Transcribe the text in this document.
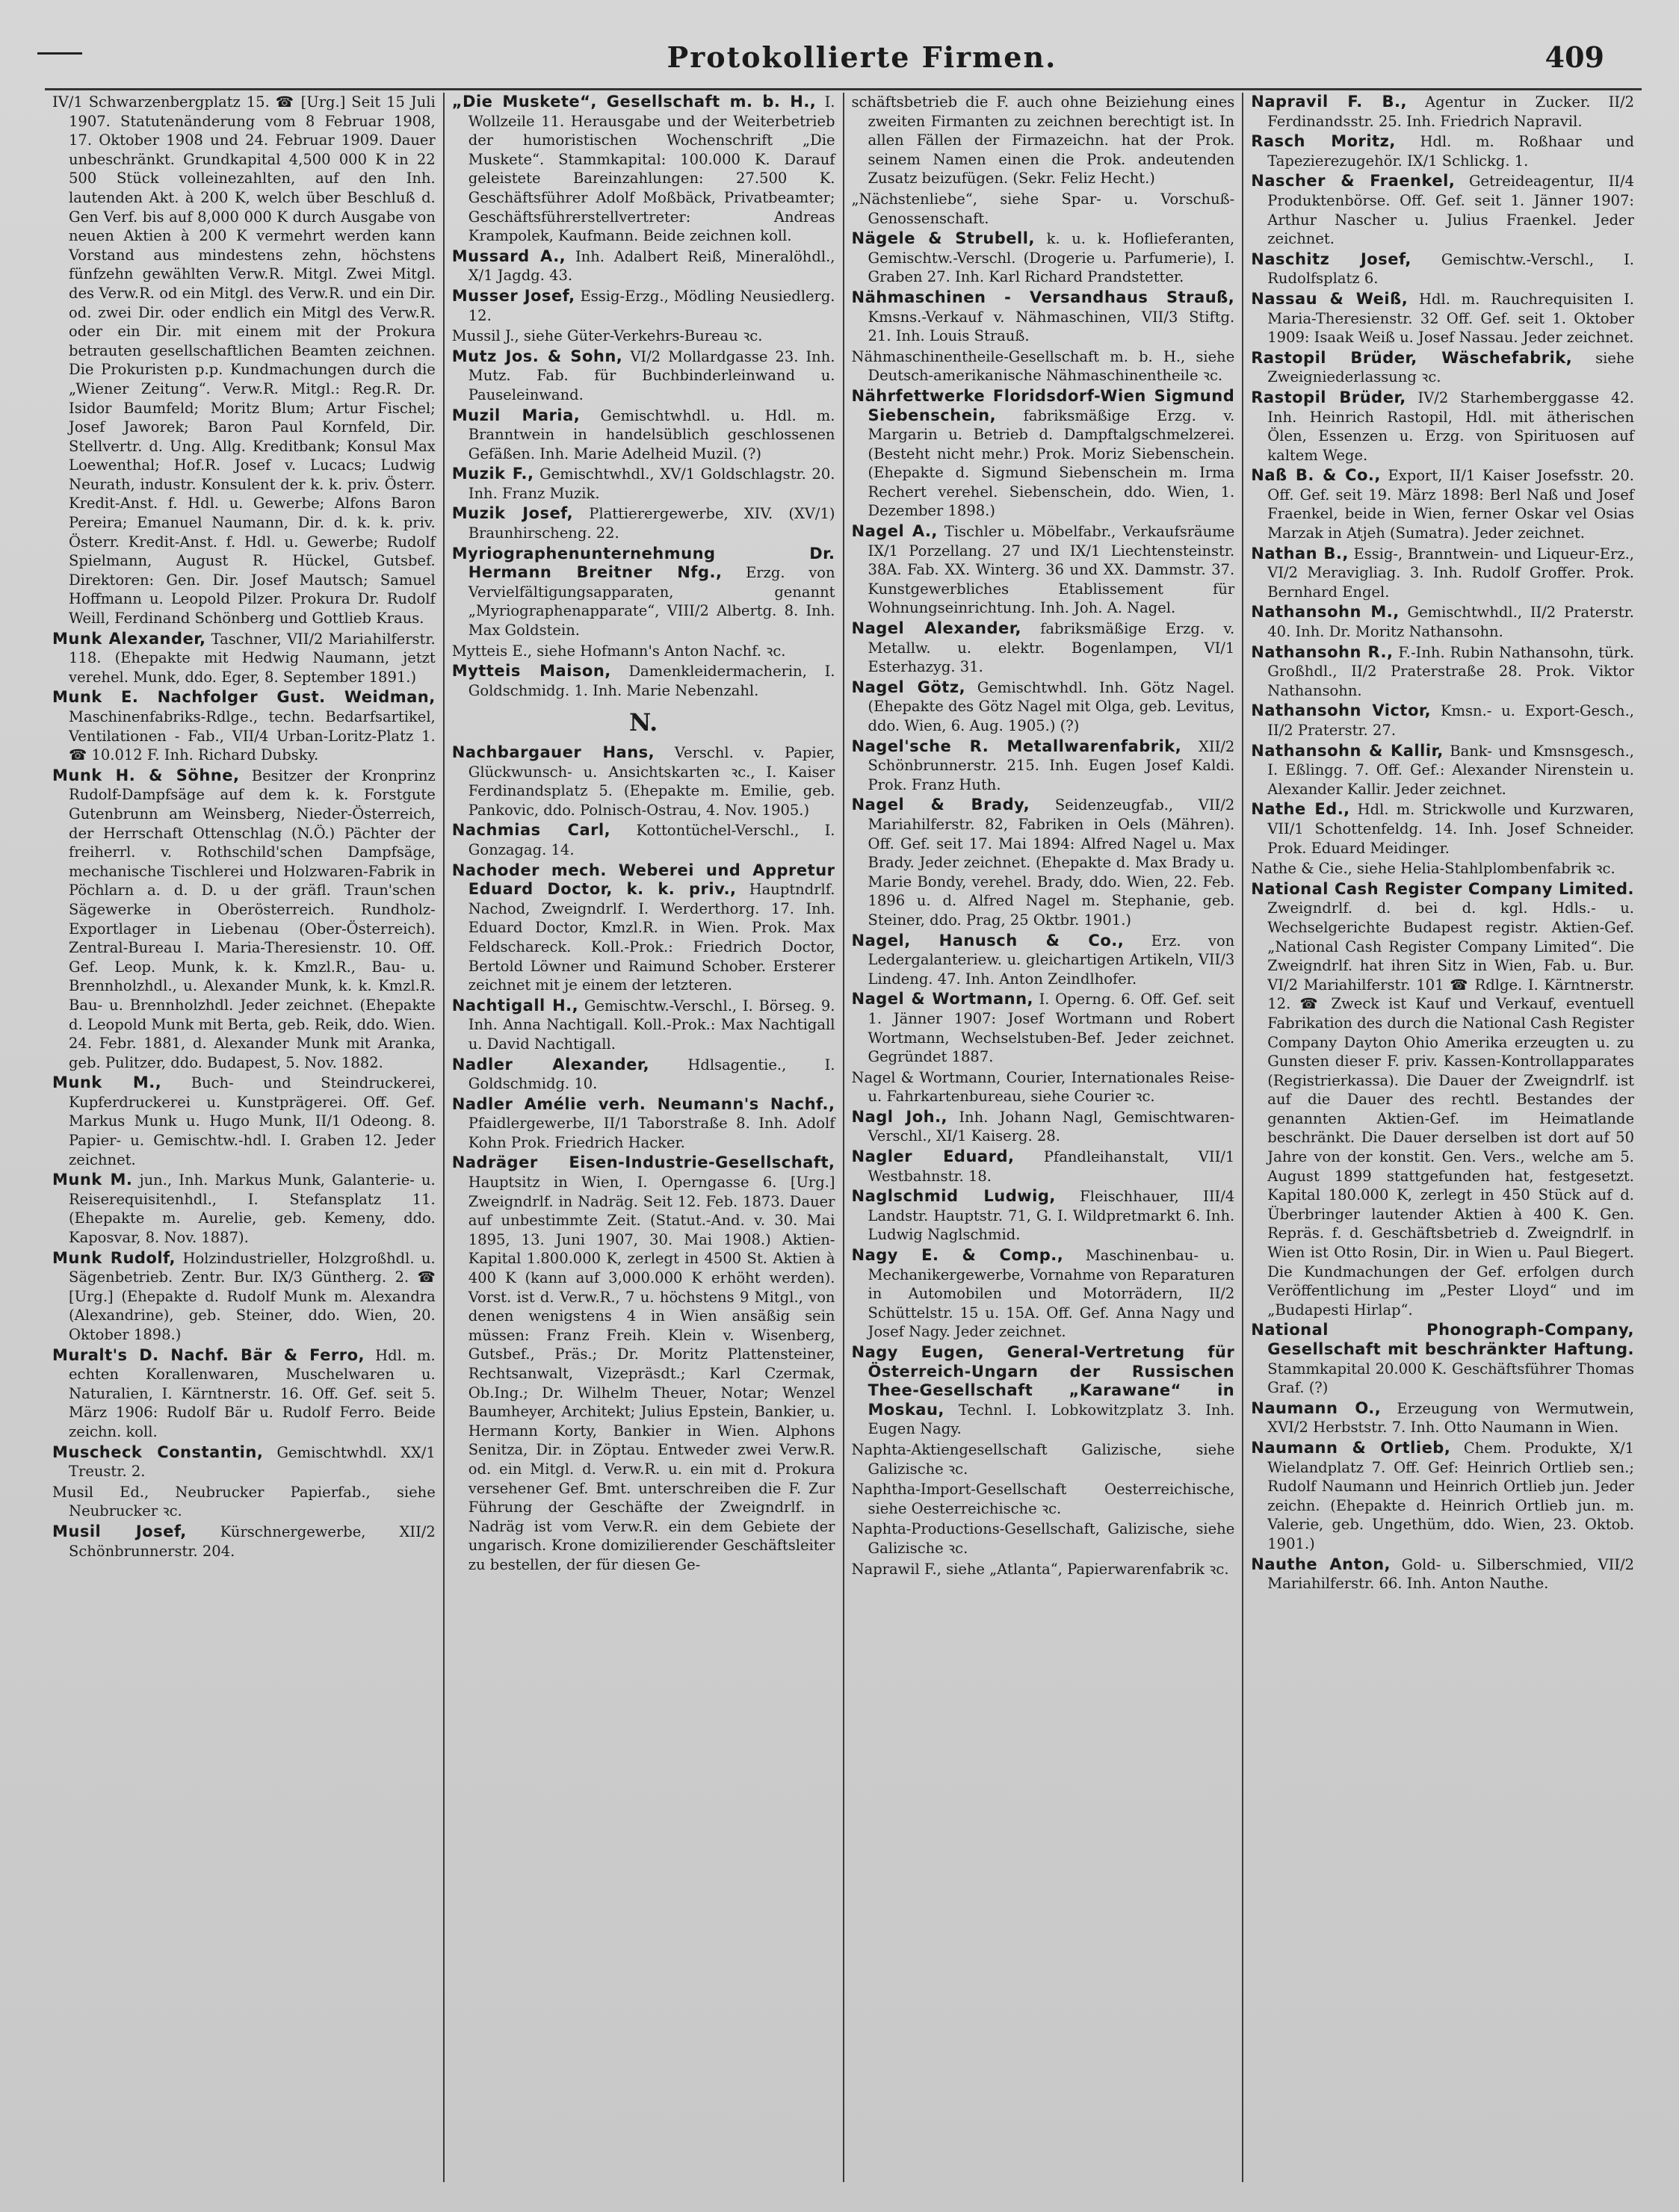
Protokollierte Firmen.	409
IV/1 Schwarzenbergplatz 15. ☎ [Urg.] Seit 15 Juli 1907. Statutenänderung vom 8 Februar 1908, 17. Oktober 1908 und 24. Februar 1909. Dauer unbeschränkt. Grundkapital 4,500 000 K in 22 500 Stück volleinezahlten, auf den Inh. lautenden Akt. à 200 K, welch über Beschluß d. Gen Verf. bis auf 8,000 000 K durch Ausgabe von neuen Aktien à 200 K vermehrt werden kann Vorstand aus mindestens zehn, höchstens fünfzehn gewählten Verw.R. Mitgl. Zwei Mitgl. des Verw.R. od ein Mitgl. des Verw.R. und ein Dir. od. zwei Dir. oder endlich ein Mitgl des Verw.R. oder ein Dir. mit einem mit der Prokura betrauten gesellschaftlichen Beamten zeichnen. Die Prokuristen p.p. Kundmachungen durch die „Wiener Zeitung“. Verw.R. Mitgl.: Reg.R. Dr. Isidor Baumfeld; Moritz Blum; Artur Fischel; Josef Jaworek; Baron Paul Kornfeld, Dir. Stellvertr. d. Ung. Allg. Kreditbank; Konsul Max Loewenthal; Hof.R. Josef v. Lucacs; Ludwig Neurath, industr. Konsulent der k. k. priv. Österr. Kredit-Anst. f. Hdl. u. Gewerbe; Alfons Baron Pereira; Emanuel Naumann, Dir. d. k. k. priv. Österr. Kredit-Anst. f. Hdl. u. Gewerbe; Rudolf Spielmann, August R. Hückel, Gutsbef. Direktoren: Gen. Dir. Josef Mautsch; Samuel Hoffmann u. Leopold Pilzer. Prokura Dr. Rudolf Weill, Ferdinand Schönberg und Gottlieb Kraus.
Munk Alexander, Taschner, VII/2 Mariahilferstr. 118. (Ehepakte mit Hedwig Naumann, jetzt verehel. Munk, ddo. Eger, 8. September 1891.)
Munk E. Nachfolger Gust. Weidman, Maschinenfabriks-Rdlge., techn. Bedarfsartikel, Ventilationen - Fab., VII/4 Urban-Loritz-Platz 1. ☎ 10.012 F. Inh. Richard Dubsky.
Munk H. & Söhne, Besitzer der Kronprinz Rudolf-Dampfsäge auf dem k. k. Forstgute Gutenbrunn am Weinsberg, Nieder-Österreich, der Herrschaft Ottenschlag (N.Ö.) Pächter der freiherrl. v. Rothschild'schen Dampfsäge, mechanische Tischlerei und Holzwaren-Fabrik in Pöchlarn a. d. D. u der gräfl. Traun'schen Sägewerke in Oberösterreich. Rundholz-Exportlager in Liebenau (Ober-Österreich). Zentral-Bureau I. Maria-Theresienstr. 10. Off. Gef. Leop. Munk, k. k. Kmzl.R., Bau- u. Brennholzhdl., u. Alexander Munk, k. k. Kmzl.R. Bau- u. Brennholzhdl. Jeder zeichnet. (Ehepakte d. Leopold Munk mit Berta, geb. Reik, ddo. Wien. 24. Febr. 1881, d. Alexander Munk mit Aranka, geb. Pulitzer, ddo. Budapest, 5. Nov. 1882.
Munk M., Buch- und Steindruckerei, Kupferdruckerei u. Kunstprägerei. Off. Gef. Markus Munk u. Hugo Munk, II/1 Odeong. 8. Papier- u. Gemischtw.-hdl. I. Graben 12. Jeder zeichnet.
Munk M. jun., Inh. Markus Munk, Galanterie- u. Reiserequisitenhdl., I. Stefansplatz 11. (Ehepakte m. Aurelie, geb. Kemeny, ddo. Kaposvar, 8. Nov. 1887).
Munk Rudolf, Holzindustrieller, Holzgroßhdl. u. Sägenbetrieb. Zentr. Bur. IX/3 Güntherg. 2. ☎ [Urg.] (Ehepakte d. Rudolf Munk m. Alexandra (Alexandrine), geb. Steiner, ddo. Wien, 20. Oktober 1898.)
Muralt's D. Nachf. Bär & Ferro, Hdl. m. echten Korallenwaren, Muschelwaren u. Naturalien, I. Kärntnerstr. 16. Off. Gef. seit 5. März 1906: Rudolf Bär u. Rudolf Ferro. Beide zeichn. koll.
Muscheck Constantin, Gemischtwhdl. XX/1 Treustr. 2.
Musil Ed., Neubrucker Papierfab., siehe Neubrucker ꝛc.
Musil Josef, Kürschnergewerbe, XII/2 Schönbrunnerstr. 204.
„Die Muskete“, Gesellschaft m. b. H., I. Wollzeile 11. Herausgabe und der Weiterbetrieb der humoristischen Wochenschrift „Die Muskete“. Stammkapital: 100.000 K. Darauf geleistete Bareinzahlungen: 27.500 K. Geschäftsführer Adolf Moßbäck, Privatbeamter; Geschäftsführerstellvertreter: Andreas Krampolek, Kaufmann. Beide zeichnen koll.
Mussard A., Inh. Adalbert Reiß, Mineralöhdl., X/1 Jagdg. 43.
Musser Josef, Essig-Erzg., Mödling Neusiedlerg. 12.
Mussil J., siehe Güter-Verkehrs-Bureau ꝛc.
Mutz Jos. & Sohn, VI/2 Mollardgasse 23. Inh. Mutz. Fab. für Buchbinderleinwand u. Pauseleinwand.
Muzil Maria, Gemischtwhdl. u. Hdl. m. Branntwein in handelsüblich geschlossenen Gefäßen. Inh. Marie Adelheid Muzil. (?)
Muzik F., Gemischtwhdl., XV/1 Goldschlagstr. 20. Inh. Franz Muzik.
Muzik Josef, Plattierergewerbe, XIV. (XV/1) Braunhirscheng. 22.
Myriographenunternehmung Dr. Hermann Breitner Nfg., Erzg. von Vervielfältigungsapparaten, genannt „Myriographenapparate“, VIII/2 Albertg. 8. Inh. Max Goldstein.
Mytteis E., siehe Hofmann's Anton Nachf. ꝛc.
Mytteis Maison, Damenkleidermacherin, I. Goldschmidg. 1. Inh. Marie Nebenzahl.
N.
Nachbargauer Hans, Verschl. v. Papier, Glückwunsch- u. Ansichtskarten ꝛc., I. Kaiser Ferdinandsplatz 5. (Ehepakte m. Emilie, geb. Pankovic, ddo. Polnisch-Ostrau, 4. Nov. 1905.)
Nachmias Carl, Kottontüchel-Verschl., I. Gonzagag. 14.
Nachoder mech. Weberei und Appretur Eduard Doctor, k. k. priv., Hauptndrlf. Nachod, Zweigndrlf. I. Werderthorg. 17. Inh. Eduard Doctor, Kmzl.R. in Wien. Prok. Max Feldschareck. Koll.-Prok.: Friedrich Doctor, Bertold Löwner und Raimund Schober. Ersterer zeichnet mit je einem der letzteren.
Nachtigall H., Gemischtw.-Verschl., I. Börseg. 9. Inh. Anna Nachtigall. Koll.-Prok.: Max Nachtigall u. David Nachtigall.
Nadler Alexander,	Hdlsagentie., I. Goldschmidg. 10.
Nadler Amélie verh. Neumann's Nachf., Pfaidlergewerbe, II/1 Taborstraße 8. Inh. Adolf Kohn Prok. Friedrich Hacker.
Nadräger Eisen-Industrie-Gesellschaft, Hauptsitz in Wien, I. Operngasse 6. [Urg.] Zweigndrlf. in Nadräg. Seit 12. Feb. 1873. Dauer auf unbestimmte Zeit. (Statut.-And. v. 30. Mai 1895, 13. Juni 1907, 30. Mai 1908.) Aktien-Kapital 1.800.000 K, zerlegt in 4500 St. Aktien à 400 K (kann auf 3,000.000 K erhöht werden). Vorst. ist d. Verw.R., 7 u. höchstens 9 Mitgl., von denen wenigstens 4 in Wien ansäßig sein müssen: Franz Freih. Klein v. Wisenberg, Gutsbef., Präs.; Dr. Moritz Plattensteiner, Rechtsanwalt, Vizepräsdt.; Karl Czermak, Ob.Ing.; Dr. Wilhelm Theuer, Notar; Wenzel Baumheyer, Architekt; Julius Epstein, Bankier, u. Hermann Korty, Bankier in Wien. Alphons Senitza, Dir. in Zöptau. Entweder zwei Verw.R. od. ein Mitgl. d. Verw.R. u. ein mit d. Prokura versehener Gef. Bmt. unterschreiben die F. Zur Führung der Geschäfte der Zweigndrlf. in Nadräg ist vom Verw.R. ein dem Gebiete der ungarisch. Krone domizilierender Geschäftsleiter zu bestellen, der für diesen Ge-
schäftsbetrieb die F. auch ohne Beiziehung eines zweiten Firmanten zu zeichnen berechtigt ist. In allen Fällen der Firmazeichn. hat der Prok. seinem Namen einen die Prok. andeutenden Zusatz beizufügen. (Sekr. Feliz Hecht.)
„Nächstenliebe“, siehe Spar- u. Vorschuß-Genossenschaft.
Nägele & Strubell, k. u. k. Hoflieferanten, Gemischtw.-Verschl. (Drogerie u. Parfumerie), I. Graben 27. Inh. Karl Richard Prandstetter.
Nähmaschinen - Versandhaus Strauß, Kmsns.-Verkauf v. Nähmaschinen, VII/3 Stiftg. 21. Inh. Louis Strauß.
Nähmaschinentheile-Gesellschaft m. b. H., siehe Deutsch-amerikanische Nähmaschinentheile ꝛc.
Nährfettwerke Floridsdorf-Wien Sigmund Siebenschein, fabriksmäßige Erzg. v. Margarin u. Betrieb d. Dampftalgschmelzerei. (Besteht nicht mehr.) Prok. Moriz Siebenschein. (Ehepakte d. Sigmund Siebenschein m. Irma Rechert verehel. Siebenschein, ddo. Wien, 1. Dezember 1898.)
Nagel A., Tischler u. Möbelfabr., Verkaufsräume IX/1 Porzellang. 27 und IX/1 Liechtensteinstr. 38A. Fab. XX. Winterg. 36 und XX. Dammstr. 37. Kunstgewerbliches Etablissement für Wohnungseinrichtung. Inh. Joh. A. Nagel.
Nagel Alexander, fabriksmäßige Erzg. v. Metallw. u. elektr. Bogenlampen, VI/1 Esterhazyg. 31.
Nagel Götz, Gemischtwhdl. Inh. Götz Nagel. (Ehepakte des Götz Nagel mit Olga, geb. Levitus, ddo. Wien, 6. Aug. 1905.) (?)
Nagel'sche R. Metallwarenfabrik, XII/2 Schönbrunnerstr. 215. Inh. Eugen Josef Kaldi. Prok. Franz Huth.
Nagel & Brady, Seidenzeugfab., VII/2 Mariahilferstr. 82, Fabriken in Oels (Mähren). Off. Gef. seit 17. Mai 1894: Alfred Nagel u. Max Brady. Jeder zeichnet. (Ehepakte d. Max Brady u. Marie Bondy, verehel. Brady, ddo. Wien, 22. Feb. 1896 u. d. Alfred Nagel m. Stephanie, geb. Steiner, ddo. Prag, 25 Oktbr. 1901.)
Nagel, Hanusch & Co., Erz. von Ledergalanteriew. u. gleichartigen Artikeln, VII/3 Lindeng. 47. Inh. Anton Zeindlhofer.
Nagel & Wortmann, I. Operng. 6. Off. Gef. seit 1. Jänner 1907: Josef Wortmann und Robert Wortmann, Wechselstuben-Bef. Jeder zeichnet. Gegründet 1887.
Nagel & Wortmann, Courier, Internationales Reise- u. Fahrkartenbureau, siehe Courier ꝛc.
Nagl Joh., Inh. Johann Nagl, Gemischtwaren-Verschl., XI/1 Kaiserg. 28.
Nagler Eduard, Pfandleihanstalt, VII/1 Westbahnstr. 18.
Naglschmid Ludwig, Fleischhauer, III/4 Landstr. Hauptstr. 71, G. I. Wildpretmarkt 6. Inh. Ludwig Naglschmid.
Nagy E. & Comp., Maschinenbau- u. Mechanikergewerbe, Vornahme von Reparaturen in Automobilen und Motorrädern, II/2 Schüttelstr. 15 u. 15A. Off. Gef. Anna Nagy und Josef Nagy. Jeder zeichnet.
Nagy Eugen, General-Vertretung für Österreich-Ungarn der Russischen Thee-Gesellschaft „Karawane“ in Moskau, Technl. I. Lobkowitzplatz 3. Inh. Eugen Nagy.
Naphta-Aktiengesellschaft Galizische, siehe Galizische ꝛc.
Naphtha-Import-Gesellschaft Oesterreichische, siehe Oesterreichische ꝛc.
Naphta-Productions-Gesellschaft, Galizische, siehe Galizische ꝛc.
Naprawil F., siehe „Atlanta“, Papierwarenfabrik ꝛc.
Napravil F. B., Agentur in Zucker. II/2 Ferdinandsstr. 25. Inh. Friedrich Napravil.
Rasch Moritz, Hdl. m. Roßhaar und Tapezierezugehör. IX/1 Schlickg. 1.
Nascher & Fraenkel, Getreideagentur, II/4 Produktenbörse. Off. Gef. seit 1. Jänner 1907: Arthur Nascher u. Julius Fraenkel. Jeder zeichnet.
Naschitz Josef, Gemischtw.-Verschl., I. Rudolfsplatz 6.
Nassau & Weiß, Hdl. m. Rauchrequisiten I. Maria-Theresienstr. 32 Off. Gef. seit 1. Oktober 1909: Isaak Weiß u. Josef Nassau. Jeder zeichnet.
Rastopil Brüder, Wäschefabrik, siehe Zweigniederlassung ꝛc.
Rastopil Brüder, IV/2 Starhemberggasse 42. Inh. Heinrich Rastopil, Hdl. mit ätherischen Ölen, Essenzen u. Erzg. von Spirituosen auf kaltem Wege.
Naß B. & Co., Export, II/1 Kaiser Josefsstr. 20. Off. Gef. seit 19. März 1898: Berl Naß und Josef Fraenkel, beide in Wien, ferner Oskar vel Osias Marzak in Atjeh (Sumatra). Jeder zeichnet.
Nathan B., Essig-, Branntwein- und Liqueur-Erz., VI/2 Meravigliag. 3. Inh. Rudolf Groffer. Prok. Bernhard Engel.
Nathansohn M., Gemischtwhdl., II/2 Praterstr. 40. Inh. Dr. Moritz Nathansohn.
Nathansohn R., F.-Inh. Rubin Nathansohn, türk. Großhdl., II/2 Praterstraße 28. Prok. Viktor Nathansohn.
Nathansohn Victor, Kmsn.- u. Export-Gesch., II/2 Praterstr. 27.
Nathansohn & Kallir, Bank- und Kmsnsgesch., I. Eßlingg. 7. Off. Gef.: Alexander Nirenstein u. Alexander Kallir. Jeder zeichnet.
Nathe Ed., Hdl. m. Strickwolle und Kurzwaren, VII/1 Schottenfeldg. 14. Inh. Josef Schneider. Prok. Eduard Meidinger.
Nathe & Cie., siehe Helia-Stahlplombenfabrik ꝛc.
National Cash Register Company Limited. Zweigndrlf. d. bei d. kgl. Hdls.- u. Wechselgerichte Budapest registr. Aktien-Gef. „National Cash Register Company Limited“. Die Zweigndrlf. hat ihren Sitz in Wien, Fab. u. Bur. VI/2 Mariahilferstr. 101 ☎ Rdlge. I. Kärntnerstr. 12. ☎ Zweck ist Kauf und Verkauf, eventuell Fabrikation des durch die National Cash Register Company Dayton Ohio Amerika erzeugten u. zu Gunsten dieser F. priv. Kassen-Kontrollapparates (Registrierkassa). Die Dauer der Zweigndrlf. ist auf die Dauer des rechtl. Bestandes der genannten Aktien-Gef. im Heimatlande beschränkt. Die Dauer derselben ist dort auf 50 Jahre von der konstit. Gen. Vers., welche am 5. August 1899 stattgefunden hat, festgesetzt. Kapital 180.000 K, zerlegt in 450 Stück auf d. Überbringer lautender Aktien à 400 K. Gen. Repräs. f. d. Geschäftsbetrieb d. Zweigndrlf. in Wien ist Otto Rosin, Dir. in Wien u. Paul Biegert. Die Kundmachungen der Gef. erfolgen durch Veröffentlichung im „Pester Lloyd“ und im „Budapesti Hirlap“.
National Phonograph-Company, Gesellschaft mit beschränkter Haftung. Stammkapital 20.000 K. Geschäftsführer Thomas Graf. (?)
Naumann O., Erzeugung von Wermutwein, XVI/2 Herbststr. 7. Inh. Otto Naumann in Wien.
Naumann & Ortlieb, Chem. Produkte, X/1 Wielandplatz 7. Off. Gef: Heinrich Ortlieb sen.; Rudolf Naumann und Heinrich Ortlieb jun. Jeder zeichn. (Ehepakte d. Heinrich Ortlieb jun. m. Valerie, geb. Ungethüm, ddo. Wien, 23. Oktob. 1901.)
Nauthe Anton, Gold- u. Silberschmied, VII/2 Mariahilferstr. 66. Inh. Anton Nauthe.
